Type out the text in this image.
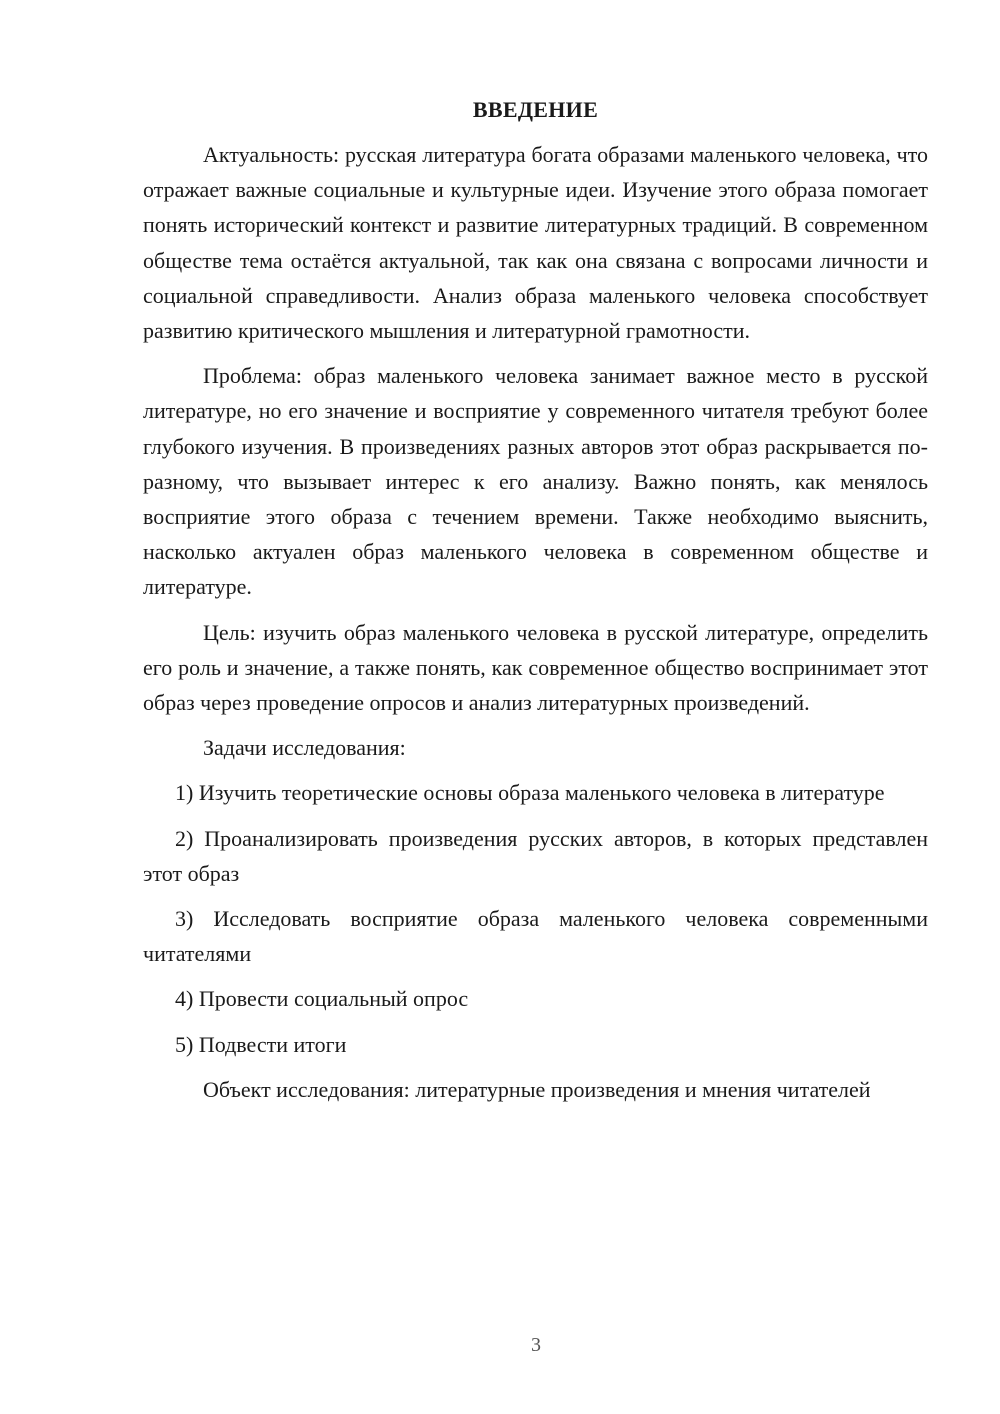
ВВЕДЕНИЕ

Актуальность: русская литература богата образами маленького человека, что отражает важные социальные и культурные идеи. Изучение этого образа помогает понять исторический контекст и развитие литературных традиций. В современном обществе тема остаётся актуальной, так как она связана с вопросами личности и социальной справедливости. Анализ образа маленького человека способствует развитию критического мышления и литературной грамотности.

Проблема: образ маленького человека занимает важное место в русской литературе, но его значение и восприятие у современного читателя требуют более глубокого изучения. В произведениях разных авторов этот образ раскрывается по-разному, что вызывает интерес к его анализу. Важно понять, как менялось восприятие этого образа с течением времени. Также необходимо выяснить, насколько актуален образ маленького человека в современном обществе и литературе.

Цель: изучить образ маленького человека в русской литературе, определить его роль и значение, а также понять, как современное общество воспринимает этот образ через проведение опросов и анализ литературных произведений.

Задачи исследования:

1) Изучить теоретические основы образа маленького человека в литературе

2) Проанализировать произведения русских авторов, в которых представлен этот образ

3) Исследовать восприятие образа маленького человека современными читателями

4) Провести социальный опрос

5) Подвести итоги

Объект исследования: литературные произведения и мнения читателей

3
